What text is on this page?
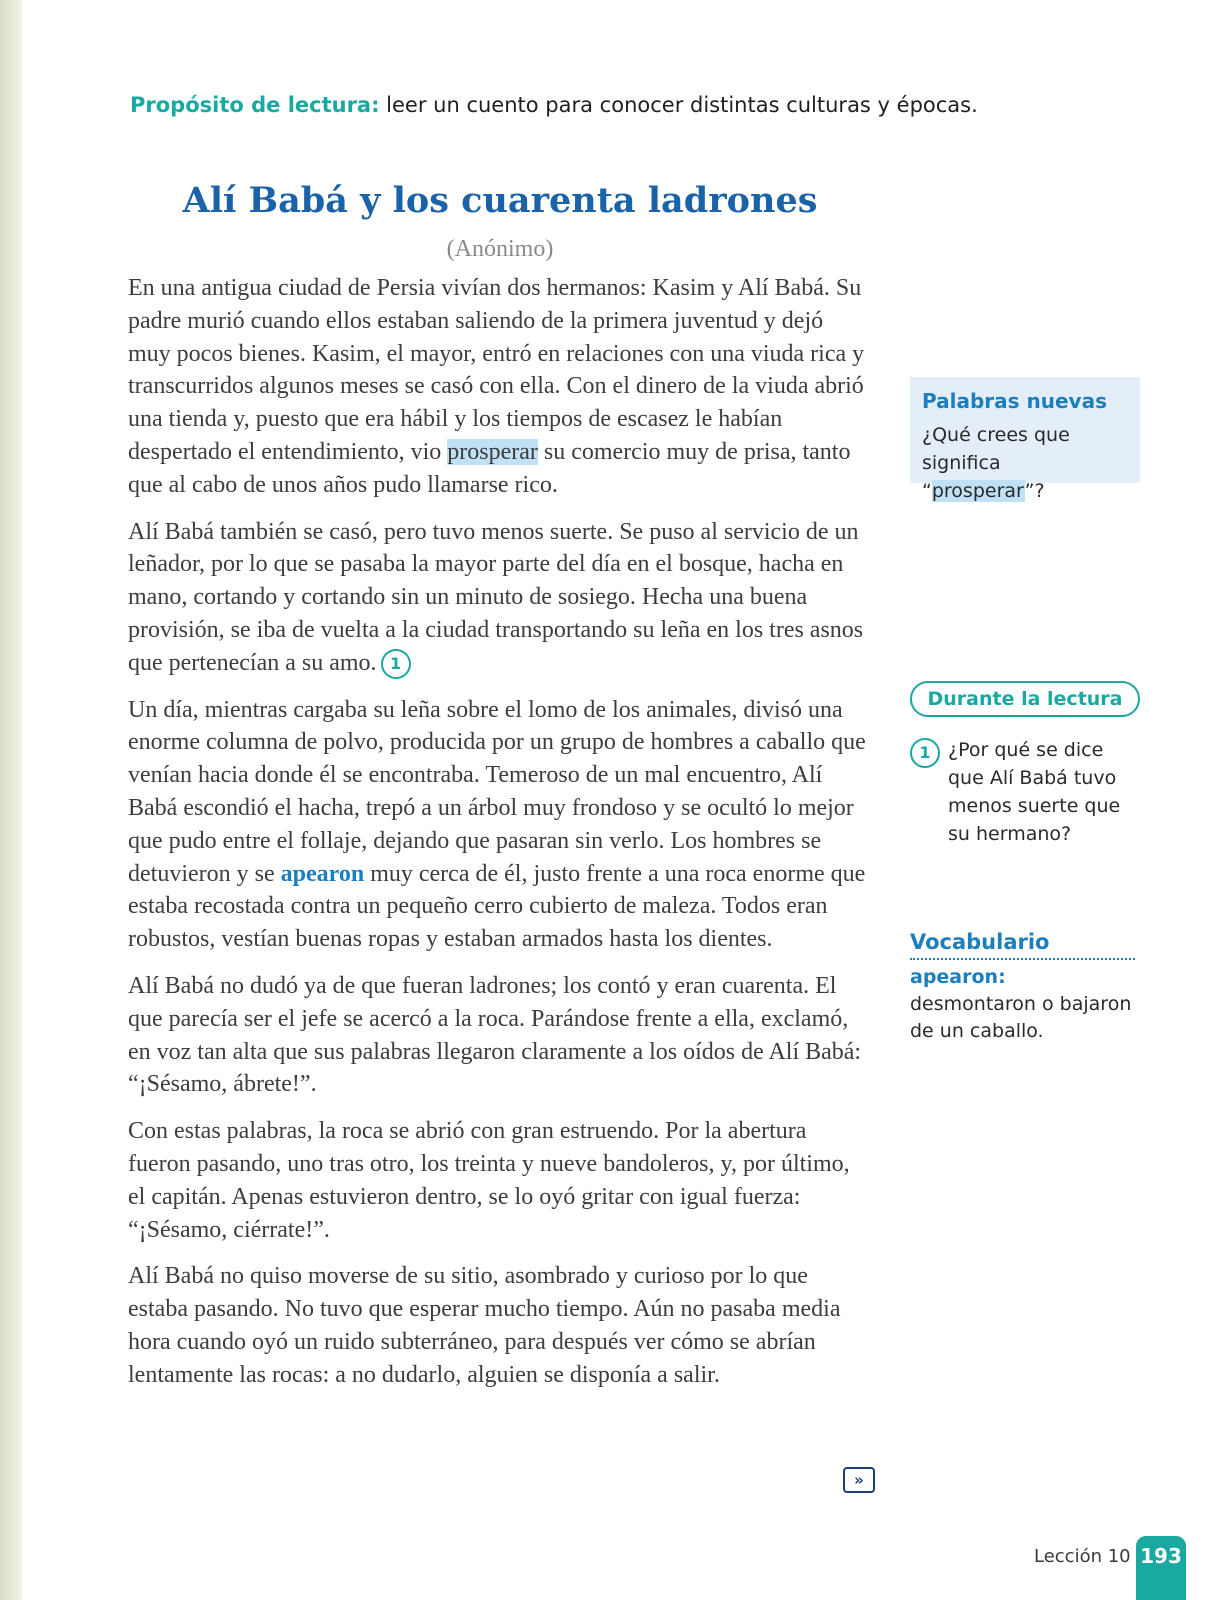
Propósito de lectura: leer un cuento para conocer distintas culturas y épocas.
Alí Babá y los cuarenta ladrones
(Anónimo)

En una antigua ciudad de Persia vivían dos hermanos: Kasim y Alí Babá. Su padre murió cuando ellos estaban saliendo de la primera juventud y dejó muy pocos bienes. Kasim, el mayor, entró en relaciones con una viuda rica y transcurridos algunos meses se casó con ella. Con el dinero de la viuda abrió una tienda y, puesto que era hábil y los tiempos de escasez le habían despertado el entendimiento, vio prosperar su comercio muy de prisa, tanto que al cabo de unos años pudo llamarse rico.

Alí Babá también se casó, pero tuvo menos suerte. Se puso al servicio de un leñador, por lo que se pasaba la mayor parte del día en el bosque, hacha en mano, cortando y cortando sin un minuto de sosiego. Hecha una buena provisión, se iba de vuelta a la ciudad transportando su leña en los tres asnos que pertenecían a su amo. 1

Un día, mientras cargaba su leña sobre el lomo de los animales, divisó una enorme columna de polvo, producida por un grupo de hombres a caballo que venían hacia donde él se encontraba. Temeroso de un mal encuentro, Alí Babá escondió el hacha, trepó a un árbol muy frondoso y se ocultó lo mejor que pudo entre el follaje, dejando que pasaran sin verlo. Los hombres se detuvieron y se apearon muy cerca de él, justo frente a una roca enorme que estaba recostada contra un pequeño cerro cubierto de maleza. Todos eran robustos, vestían buenas ropas y estaban armados hasta los dientes.

Alí Babá no dudó ya de que fueran ladrones; los contó y eran cuarenta. El que parecía ser el jefe se acercó a la roca. Parándose frente a ella, exclamó, en voz tan alta que sus palabras llegaron claramente a los oídos de Alí Babá: “¡Sésamo, ábrete!”.

Con estas palabras, la roca se abrió con gran estruendo. Por la abertura fueron pasando, uno tras otro, los treinta y nueve bandoleros, y, por último, el capitán. Apenas estuvieron dentro, se lo oyó gritar con igual fuerza: “¡Sésamo, ciérrate!”.

Alí Babá no quiso moverse de su sitio, asombrado y curioso por lo que estaba pasando. No tuvo que esperar mucho tiempo. Aún no pasaba media hora cuando oyó un ruido subterráneo, para después ver cómo se abrían lentamente las rocas: a no dudarlo, alguien se disponía a salir.

»
Palabras nuevas
¿Qué crees que significa “prosperar”?
Durante la lectura
1 ¿Por qué se dice que Alí Babá tuvo menos suerte que su hermano?
Vocabulario
apearon: desmontaron o bajaron de un caballo.
Lección 10 193
